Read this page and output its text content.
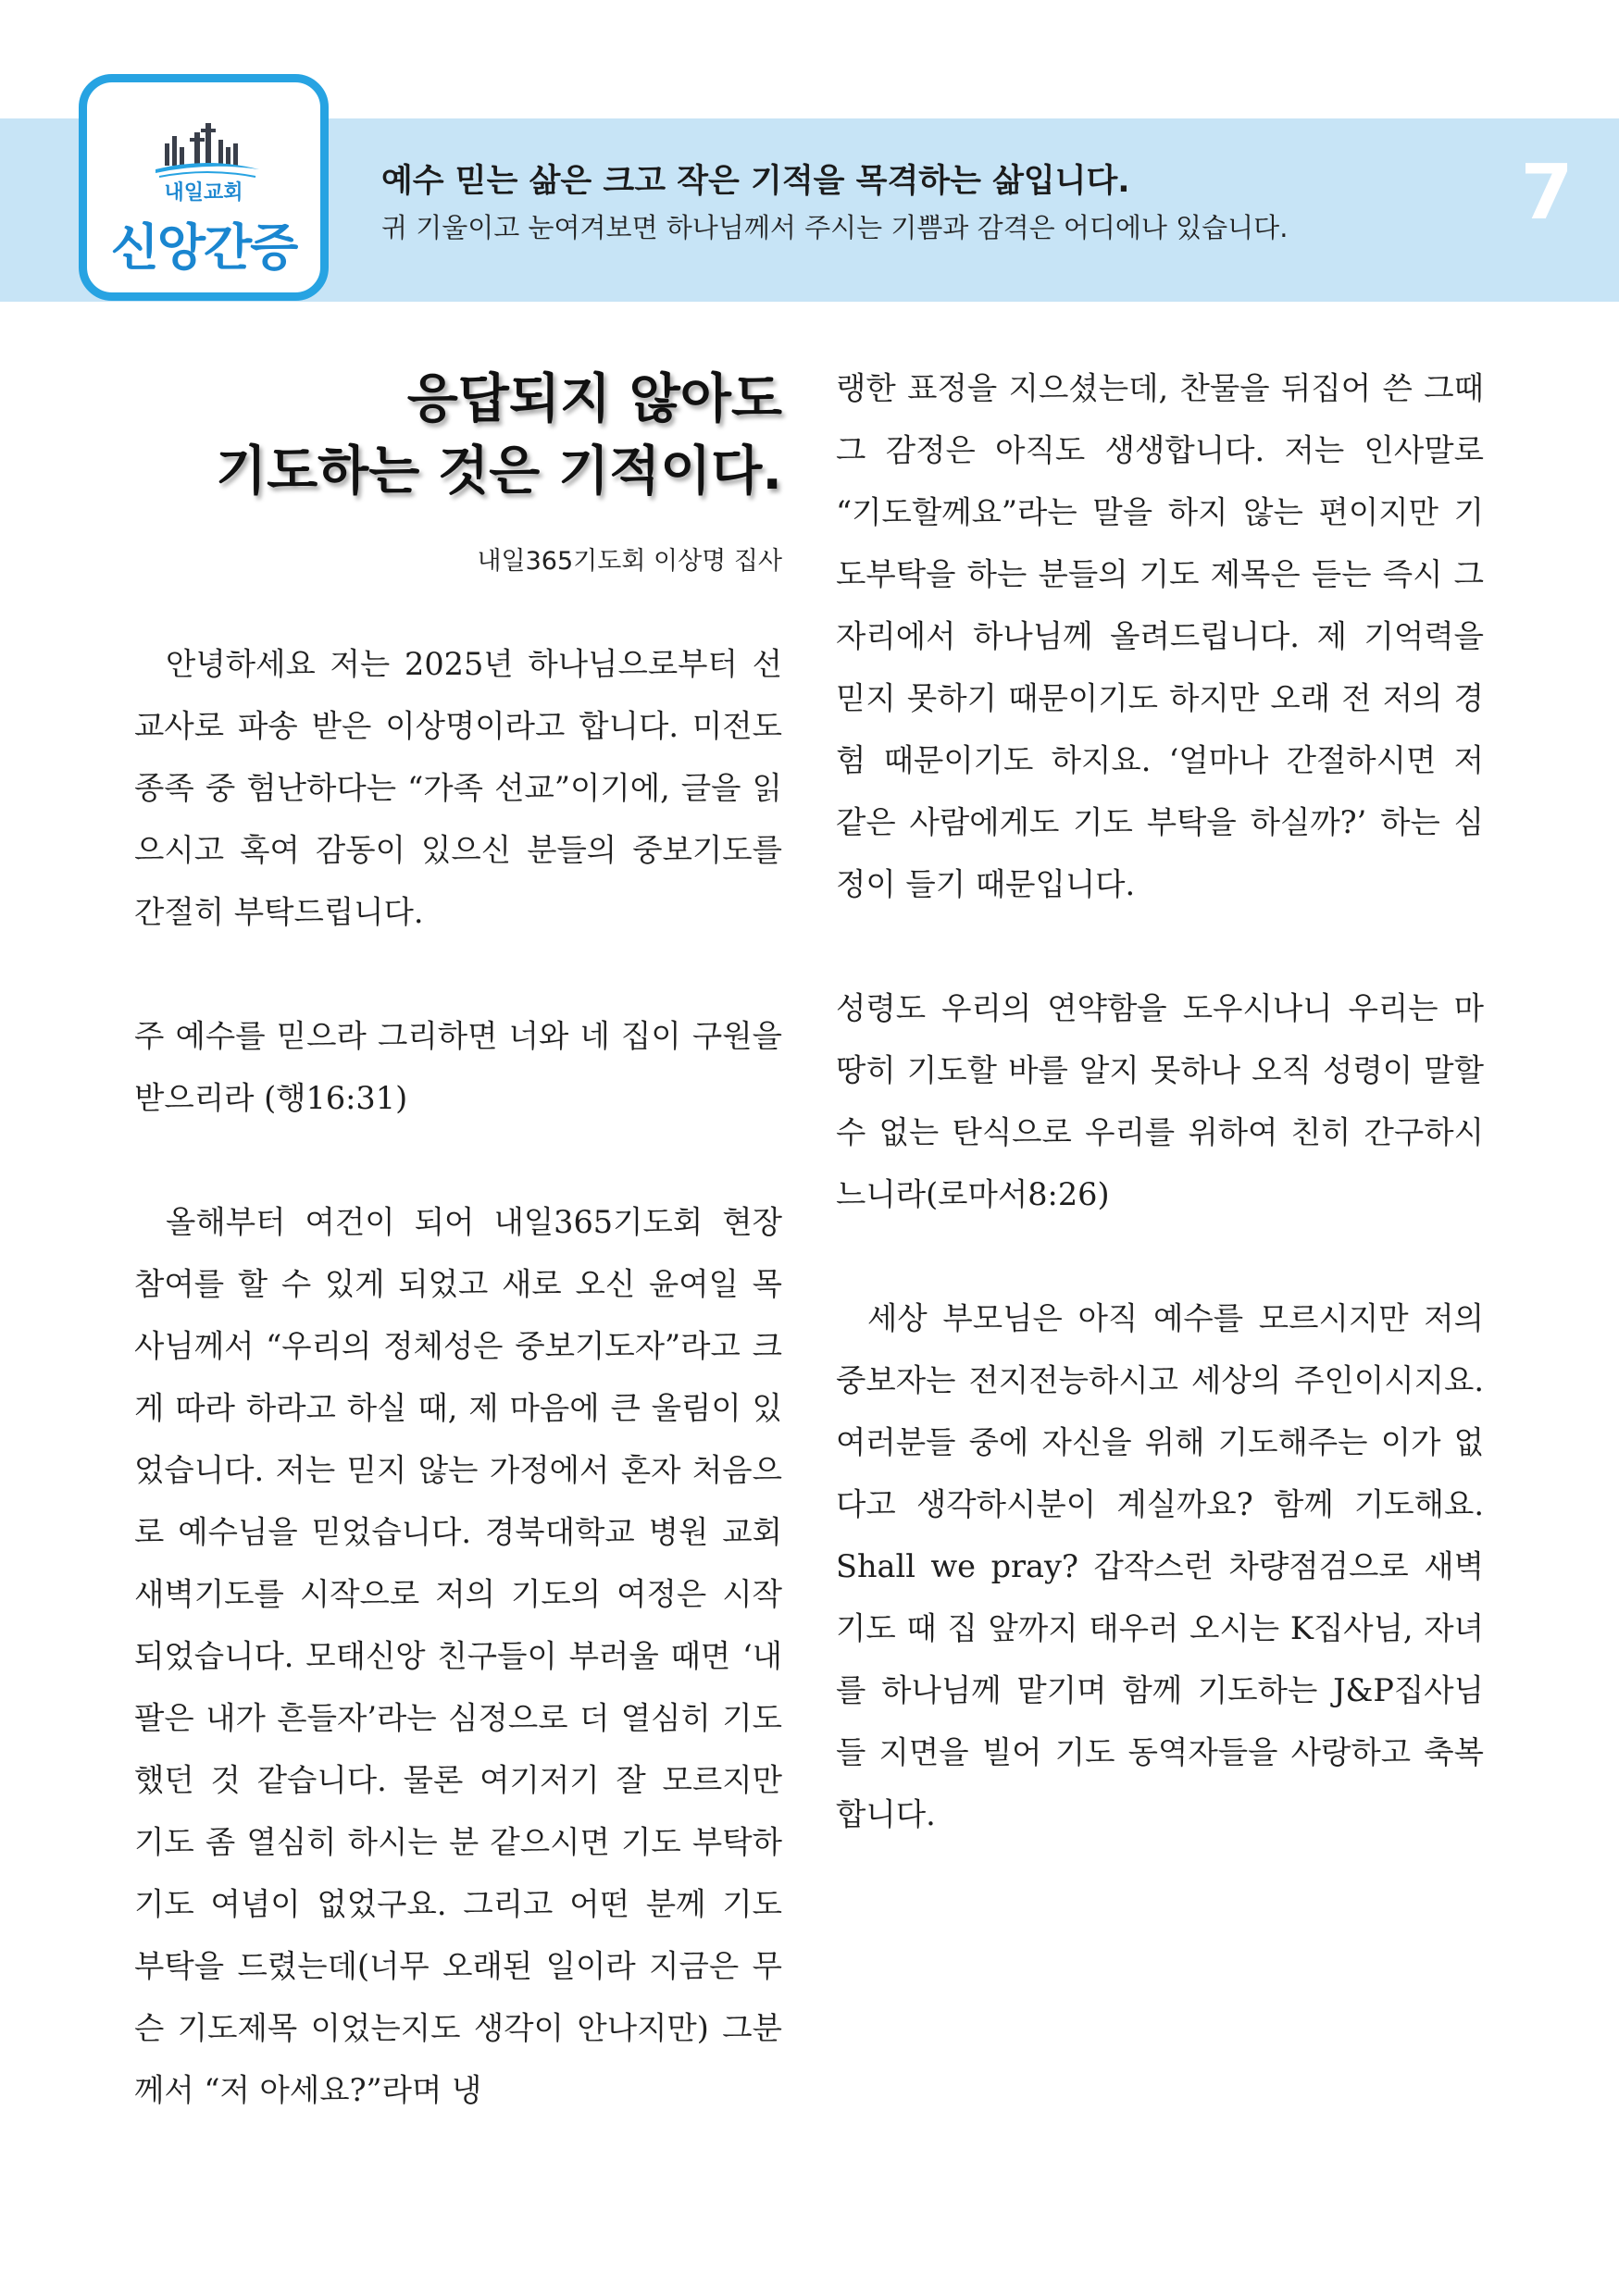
내일교회
신앙간증
예수 믿는 삶은 크고 작은 기적을 목격하는 삶입니다.
귀 기울이고 눈여겨보면 하나님께서 주시는 기쁨과 감격은 어디에나 있습니다.	7
응답되지 않아도
기도하는 것은 기적이다.
내일365기도회 이상명 집사

안녕하세요 저는 2025년 하나님으로부터 선교사로 파송 받은 이상명이라고 합니다. 미전도 종족 중 험난하다는 “가족 선교”이기에, 글을 읽으시고 혹여 감동이 있으신 분들의 중보기도를 간절히 부탁드립니다.

주 예수를 믿으라 그리하면 너와 네 집이 구원을 받으리라 (행16:31)

올해부터 여건이 되어 내일365기도회 현장 참여를 할 수 있게 되었고 새로 오신 윤여일 목사님께서 “우리의 정체성은 중보기도자”라고 크게 따라 하라고 하실 때, 제 마음에 큰 울림이 있었습니다. 저는 믿지 않는 가정에서 혼자 처음으로 예수님을 믿었습니다. 경북대학교 병원 교회 새벽기도를 시작으로 저의 기도의 여정은 시작되었습니다. 모태신앙 친구들이 부러울 때면 ‘내 팔은 내가 흔들자’라는 심정으로 더 열심히 기도했던 것 같습니다. 물론 여기저기 잘 모르지만 기도 좀 열심히 하시는 분 같으시면 기도 부탁하기도 여념이 없었구요. 그리고 어떤 분께 기도 부탁을 드렸는데(너무 오래된 일이라 지금은 무슨 기도제목 이었는지도 생각이 안나지만) 그분께서 “저 아세요?”라며 냉

랭한 표정을 지으셨는데, 찬물을 뒤집어 쓴 그때 그 감정은 아직도 생생합니다. 저는 인사말로 “기도할께요”라는 말을 하지 않는 편이지만 기도부탁을 하는 분들의 기도 제목은 듣는 즉시 그 자리에서 하나님께 올려드립니다. 제 기억력을 믿지 못하기 때문이기도 하지만 오래 전 저의 경험 때문이기도 하지요. ‘얼마나 간절하시면 저 같은 사람에게도 기도 부탁을 하실까?’ 하는 심정이 들기 때문입니다.

성령도 우리의 연약함을 도우시나니 우리는 마땅히 기도할 바를 알지 못하나 오직 성령이 말할 수 없는 탄식으로 우리를 위하여 친히 간구하시느니라(로마서8:26)

세상 부모님은 아직 예수를 모르시지만 저의 중보자는 전지전능하시고 세상의 주인이시지요. 여러분들 중에 자신을 위해 기도해주는 이가 없다고 생각하시분이 계실까요? 함께 기도해요. Shall we pray? 갑작스런 차량점검으로 새벽기도 때 집 앞까지 태우러 오시는 K집사님, 자녀를 하나님께 맡기며 함께 기도하는 J&P집사님들 지면을 빌어 기도 동역자들을 사랑하고 축복합니다.
